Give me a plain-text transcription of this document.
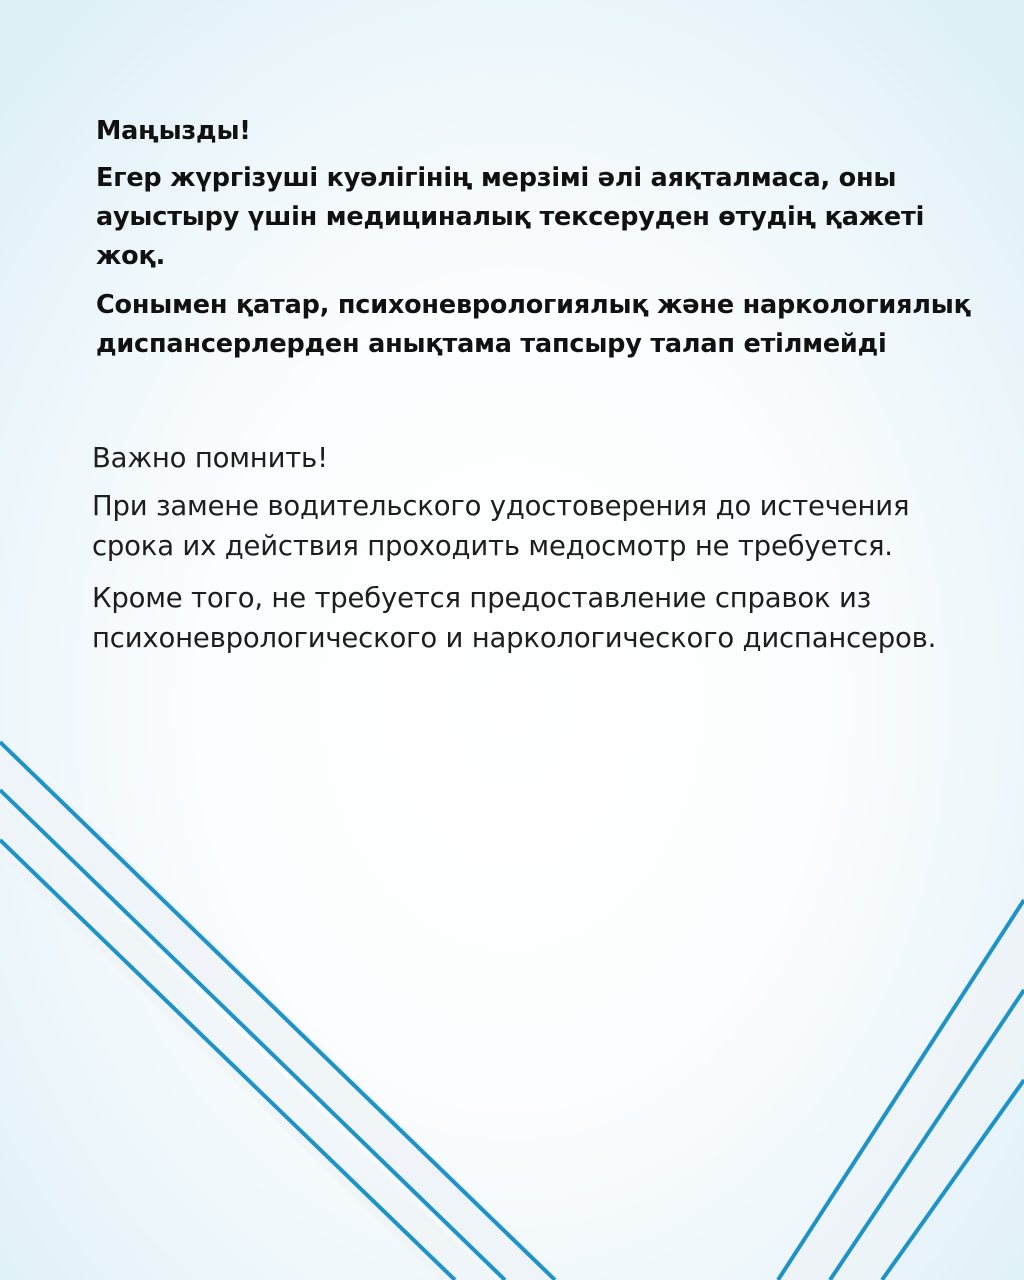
Маңызды!

Егер жүргізуші куәлігінің мерзімі әлі аяқталмаса, оны ауыстыру үшін медициналық тексеруден өтудің қажеті жоқ.

Сонымен қатар, психоневрологиялық және наркологиялық диспансерлерден анықтама тапсыру талап етілмейді

Важно помнить!

При замене водительского удостоверения до истечения срока их действия проходить медосмотр не требуется.

Кроме того, не требуется предоставление справок из психоневрологического и наркологического диспансеров.
